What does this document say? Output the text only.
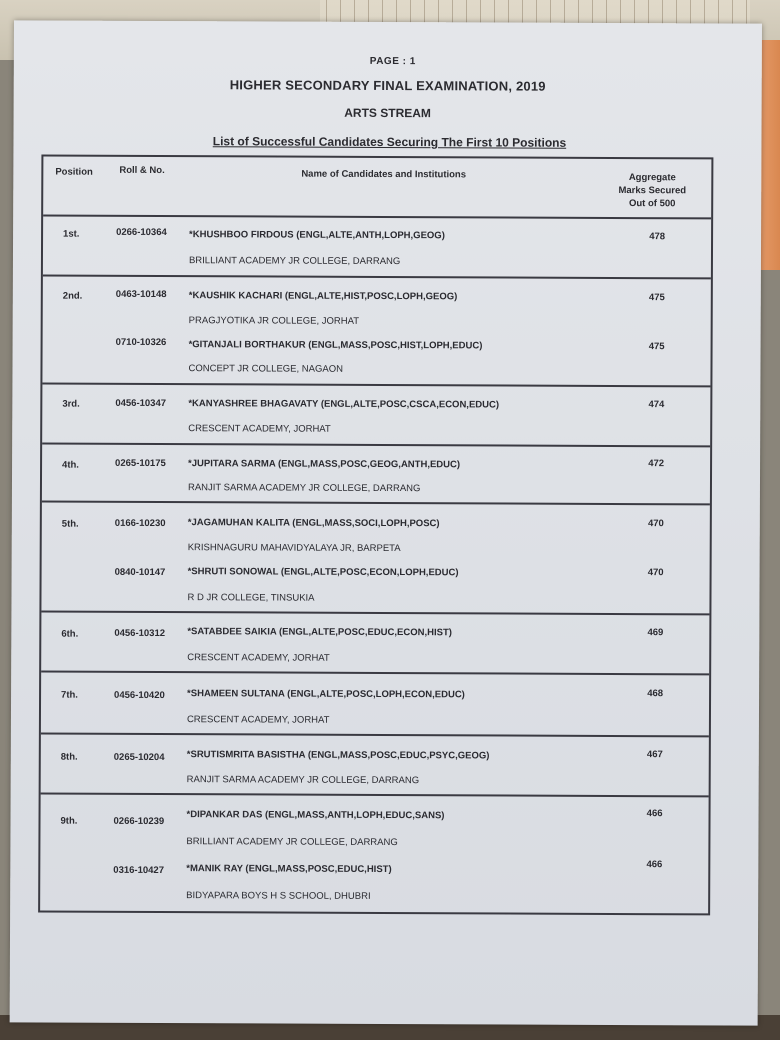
PAGE : 1
HIGHER SECONDARY FINAL EXAMINATION, 2019
ARTS STREAM
List of Successful Candidates Securing The First 10 Positions
Position	Roll & No.	Name of Candidates and Institutions	Aggregate
Marks Secured
Out of 500
1st.	0266-10364 *KHUSHBOO FIRDOUS (ENGL,ALTE,ANTH,LOPH,GEOG)
BRILLIANT ACADEMY JR COLLEGE, DARRANG
478
2nd.	0463-10148 *KAUSHIK KACHARI (ENGL,ALTE,HIST,POSC,LOPH,GEOG)
PRAGJYOTIKA JR COLLEGE, JORHAT
475
0710-10326 *GITANJALI BORTHAKUR (ENGL,MASS,POSC,HIST,LOPH,EDUC)
CONCEPT JR COLLEGE, NAGAON
475
3rd.	0456-10347 *KANYASHREE BHAGAVATY (ENGL,ALTE,POSC,CSCA,ECON,EDUC)
CRESCENT ACADEMY, JORHAT
474
4th.	0265-10175 *JUPITARA SARMA (ENGL,MASS,POSC,GEOG,ANTH,EDUC)
RANJIT SARMA ACADEMY JR COLLEGE, DARRANG
472
5th.	0166-10230 *JAGAMUHAN KALITA (ENGL,MASS,SOCI,LOPH,POSC)
KRISHNAGURU MAHAVIDYALAYA JR, BARPETA
470
0840-10147 *SHRUTI SONOWAL (ENGL,ALTE,POSC,ECON,LOPH,EDUC)
R D JR COLLEGE, TINSUKIA
470
6th.	0456-10312 *SATABDEE SAIKIA (ENGL,ALTE,POSC,EDUC,ECON,HIST)
CRESCENT ACADEMY, JORHAT
469
7th.	0456-10420 *SHAMEEN SULTANA (ENGL,ALTE,POSC,LOPH,ECON,EDUC)
CRESCENT ACADEMY, JORHAT
468
8th.	0265-10204 *SRUTISMRITA BASISTHA (ENGL,MASS,POSC,EDUC,PSYC,GEOG)
RANJIT SARMA ACADEMY JR COLLEGE, DARRANG
467
9th.	0266-10239
*DIPANKAR DAS (ENGL,MASS,ANTH,LOPH,EDUC,SANS)
BRILLIANT ACADEMY JR COLLEGE, DARRANG
466
0316-10427 *MANIK RAY (ENGL,MASS,POSC,EDUC,HIST)
BIDYAPARA BOYS H S SCHOOL, DHUBRI
466
